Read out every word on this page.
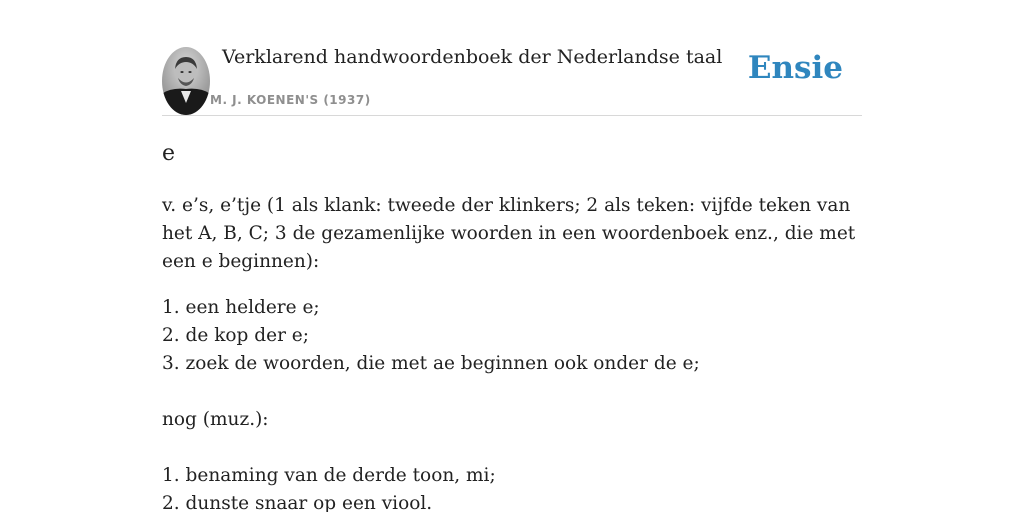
Verklarend handwoordenboek der Nederlandse taal
M. J. KOENEN'S (1937)
Ensie
e

v. e’s, e’tje (1 als klank: tweede der klinkers; 2 als teken: vijfde teken van het A, B, C; 3 de gezamenlijke woorden in een woordenboek enz., die met een e beginnen):

1. een heldere e;
2. de kop der e;
3. zoek de woorden, die met ae beginnen ook onder de e;
nog (muz.):
1. benaming van de derde toon, mi;
2. dunste snaar op een viool.
